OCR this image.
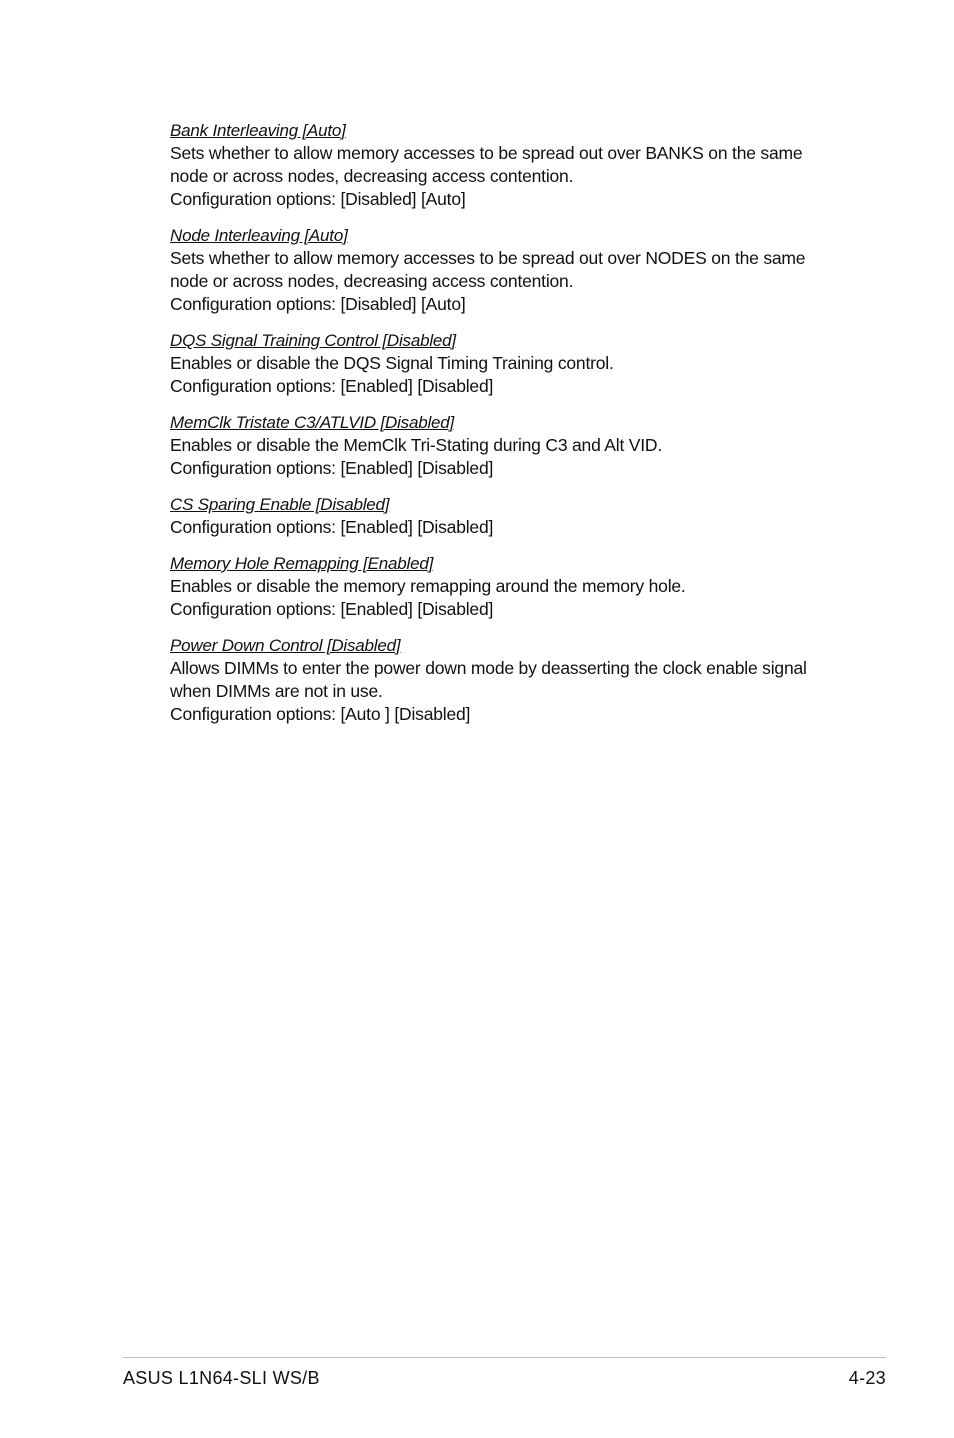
Bank Interleaving [Auto]
Sets whether to allow memory accesses to be spread out over BANKS on the same
node or across nodes, decreasing access contention.
Configuration options: [Disabled] [Auto]
Node Interleaving [Auto]
Sets whether to allow memory accesses to be spread out over NODES on the same
node or across nodes, decreasing access contention.
Configuration options: [Disabled] [Auto]
DQS Signal Training Control [Disabled]
Enables or disable the DQS Signal Timing Training control.
Configuration options: [Enabled] [Disabled]
MemClk Tristate C3/ATLVID [Disabled]
Enables or disable the MemClk Tri-Stating during C3 and Alt VID.
Configuration options: [Enabled] [Disabled]
CS Sparing Enable [Disabled]
Configuration options: [Enabled] [Disabled]
Memory Hole Remapping [Enabled]
Enables or disable the memory remapping around the memory hole.
Configuration options: [Enabled] [Disabled]
Power Down Control [Disabled]
Allows DIMMs to enter the power down mode by deasserting the clock enable signal
when DIMMs are not in use.
Configuration options: [Auto ] [Disabled]
ASUS L1N64-SLI WS/B	4-23
